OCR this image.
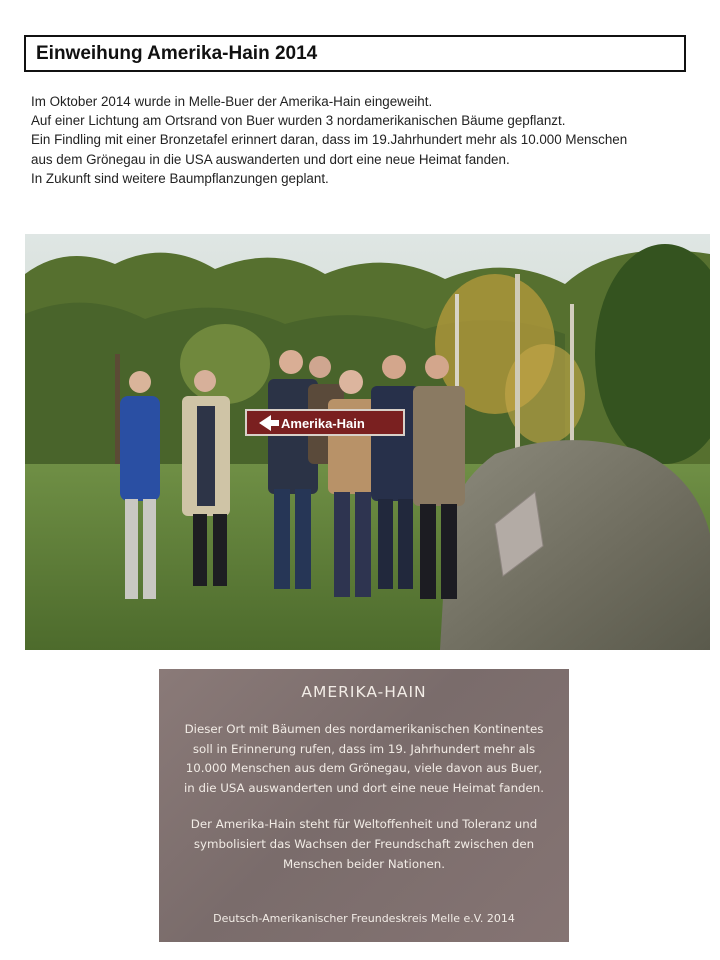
Einweihung Amerika-Hain 2014

Im Oktober 2014 wurde in Melle-Buer der Amerika-Hain eingeweiht.

Auf einer Lichtung am Ortsrand von Buer wurden 3 nordamerikanischen Bäume gepflanzt.

Ein Findling mit einer Bronzetafel erinnert daran, dass im 19.Jahrhundert mehr als 10.000 Menschen

aus dem Grönegau in die USA auswanderten und dort eine neue Heimat fanden.

In Zukunft sind weitere Baumpflanzungen geplant.

Amerika-Hain
AMERIKA-HAIN
Dieser Ort mit Bäumen des nordamerikanischen Kontinentes
soll in Erinnerung rufen, dass im 19. Jahrhundert mehr als
10.000 Menschen aus dem Grönegau, viele davon aus Buer,
in die USA auswanderten und dort eine neue Heimat fanden.
Der Amerika-Hain steht für Weltoffenheit und Toleranz und
symbolisiert das Wachsen der Freundschaft zwischen den
Menschen beider Nationen.
Deutsch-Amerikanischer Freundeskreis Melle e.V. 2014
